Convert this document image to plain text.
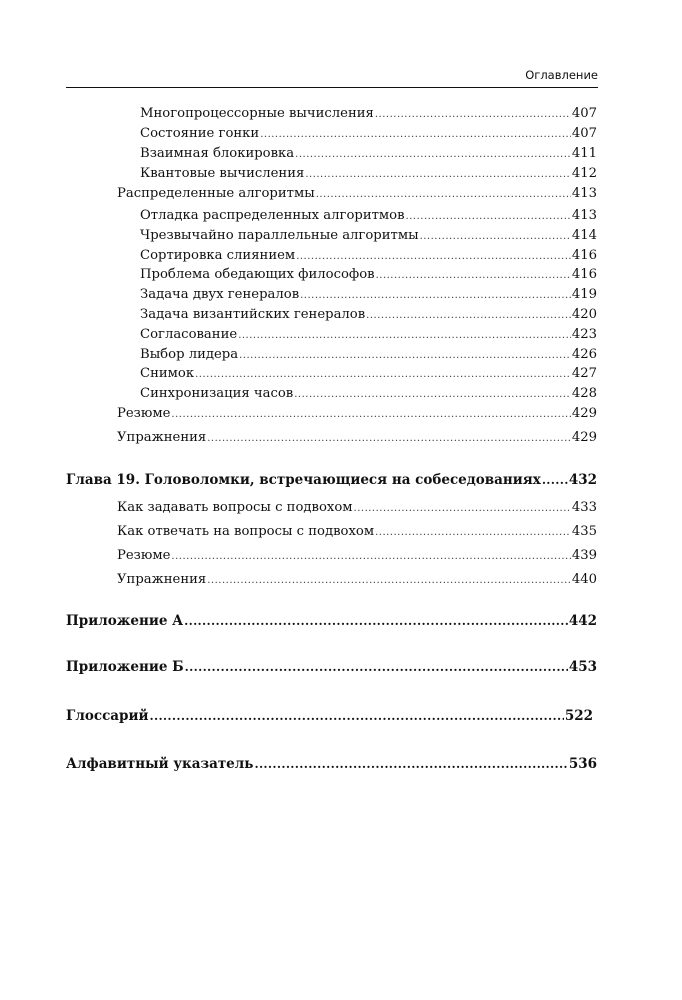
Оглавление
Многопроцессорные вычисления .....	407
Состояние гонки .....	407
Взаимная блокировка .....	411
Квантовые вычисления .....	412
Распределенные алгоритмы .....	413
Отладка распределенных алгоритмов .....	413
Чрезвычайно параллельные алгоритмы .....	414
Сортировка слиянием .....	416
Проблема обедающих философов .....	416
Задача двух генералов .....	419
Задача византийских генералов .....	420
Согласование .....	423
Выбор лидера .....	426
Снимок .....	427
Синхронизация часов .....	428
Резюме .....	429
Упражнения .....	429
Глава 19. Головоломки, встречающиеся на собеседованиях ..... 432
Как задавать вопросы с подвохом .....	433
Как отвечать на вопросы с подвохом .....	435
Резюме .....	439
Упражнения .....	440
Приложение А .....	442
Приложение Б .....	453
Глоссарий .....	522
Алфавитный указатель .....	536
